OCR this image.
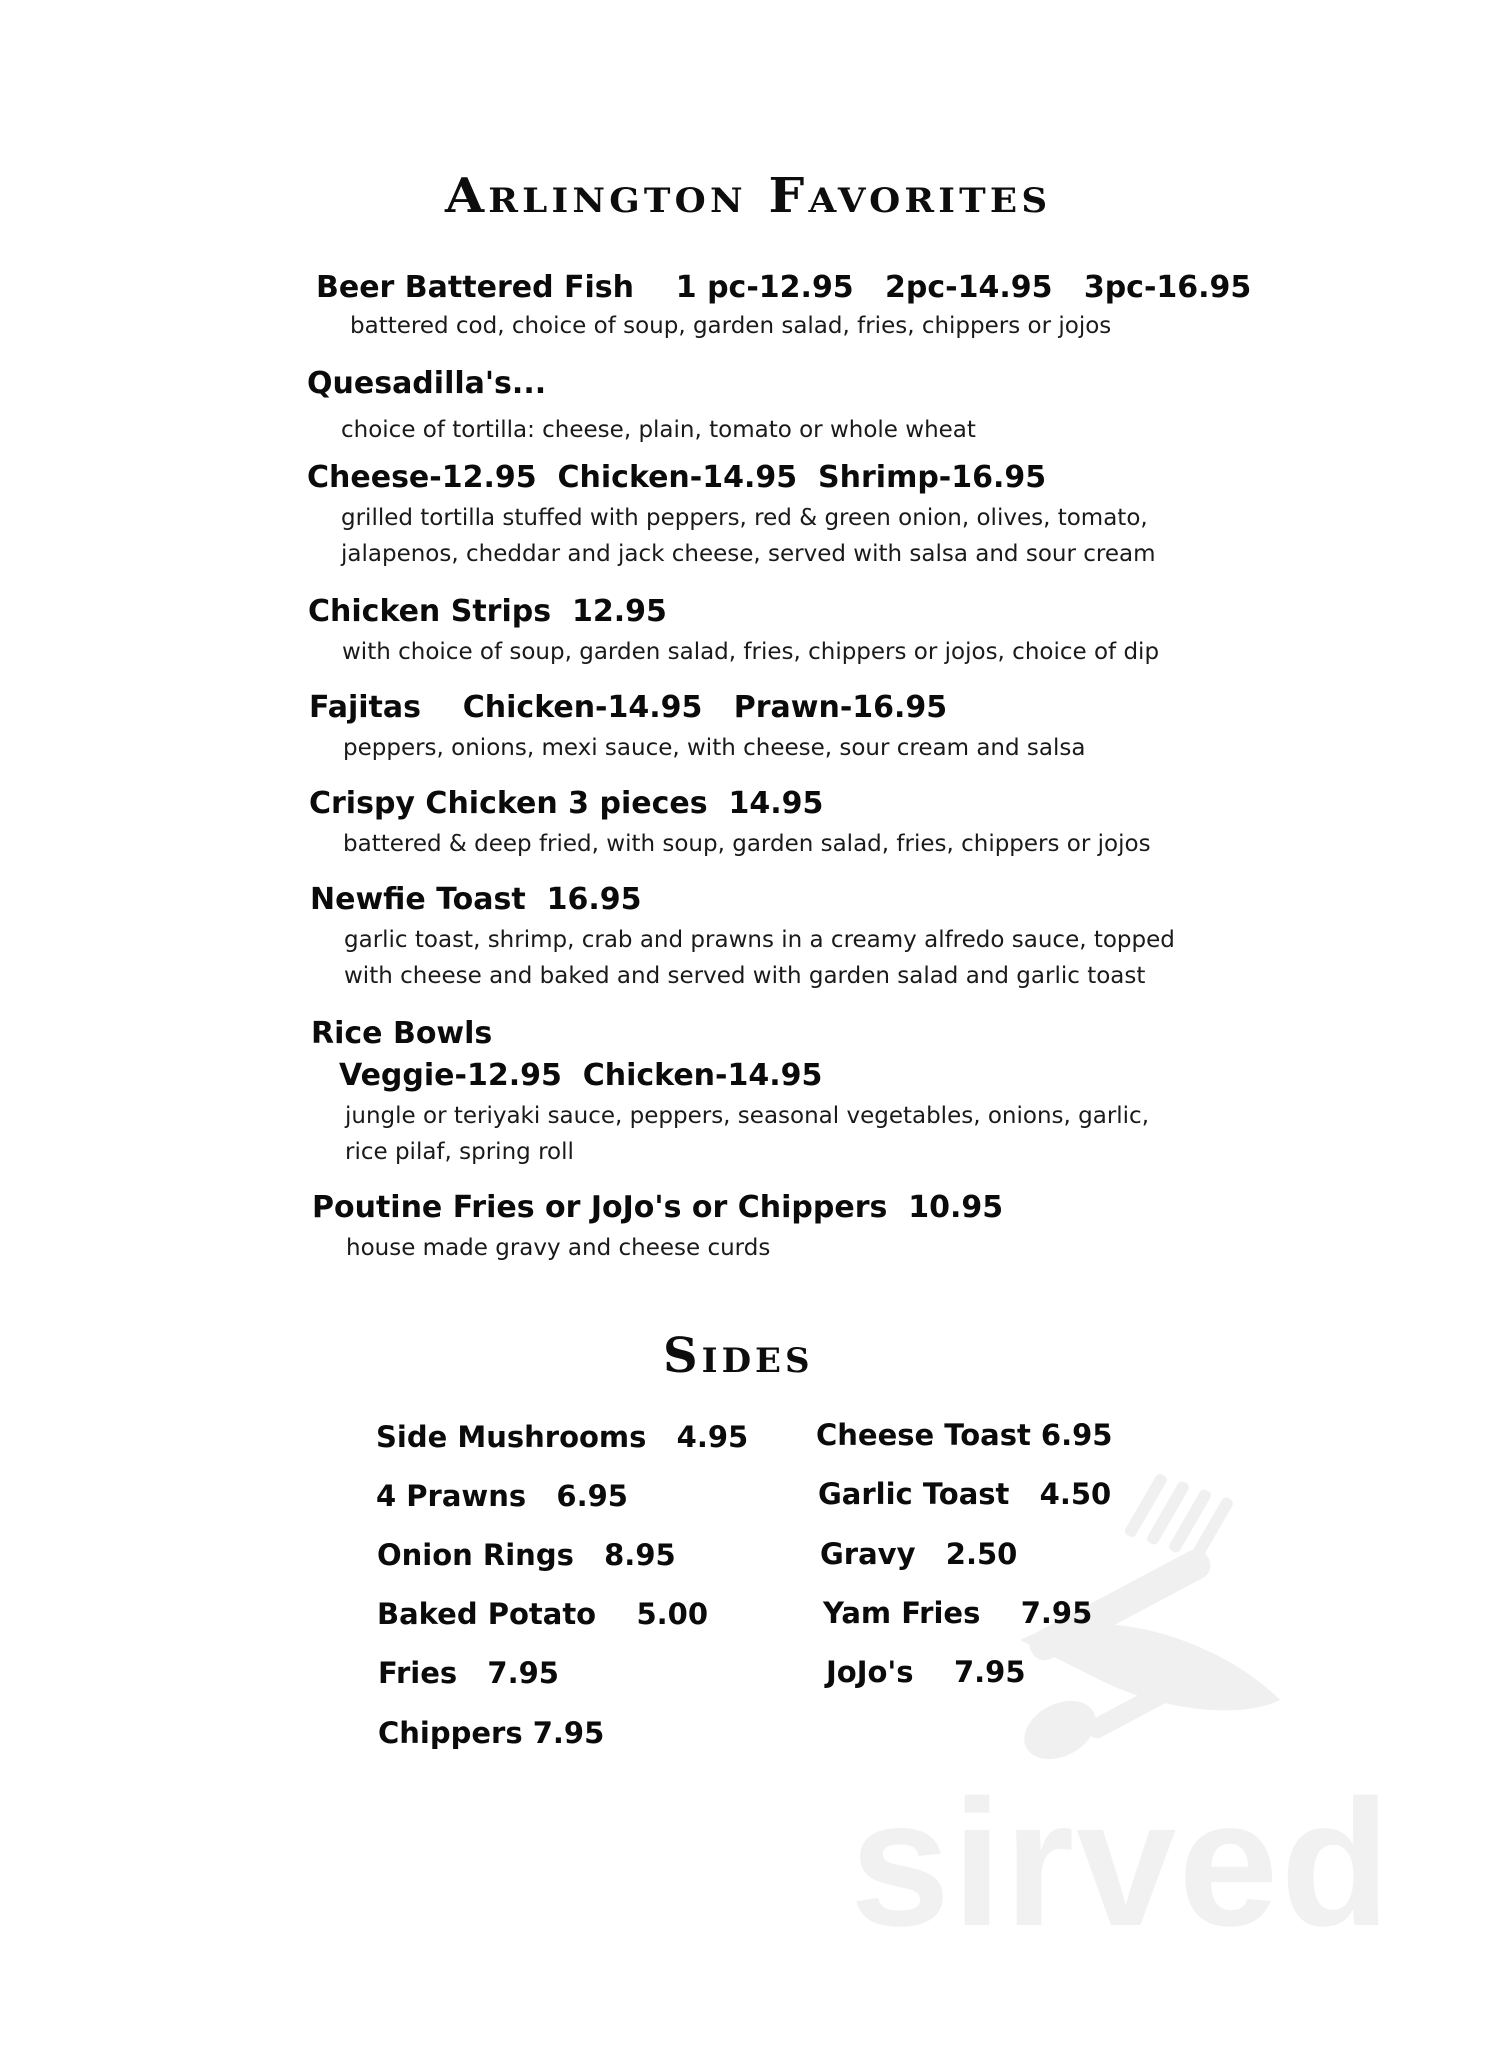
sirved
Arlington Favorites
Beer Battered Fish    1 pc-12.95   2pc-14.95   3pc-16.95
battered cod, choice of soup, garden salad, fries, chippers or jojos
Quesadilla's...
choice of tortilla: cheese, plain, tomato or whole wheat
Cheese-12.95  Chicken-14.95  Shrimp-16.95
grilled tortilla stuffed with peppers, red & green onion, olives, tomato,
jalapenos, cheddar and jack cheese, served with salsa and sour cream
Chicken Strips  12.95
with choice of soup, garden salad, fries, chippers or jojos, choice of dip
Fajitas    Chicken-14.95   Prawn-16.95
peppers, onions, mexi sauce, with cheese, sour cream and salsa
Crispy Chicken 3 pieces  14.95
battered & deep fried, with soup, garden salad, fries, chippers or jojos
Newfie Toast  16.95
garlic toast, shrimp, crab and prawns in a creamy alfredo sauce, topped
with cheese and baked and served with garden salad and garlic toast
Rice Bowls
Veggie-12.95  Chicken-14.95
jungle or teriyaki sauce, peppers, seasonal vegetables, onions, garlic,
rice pilaf, spring roll
Poutine Fries or JoJo's or Chippers  10.95
house made gravy and cheese curds
Sides
Side Mushrooms   4.95
4 Prawns   6.95
Onion Rings   8.95
Baked Potato    5.00
Fries   7.95
Chippers 7.95
Cheese Toast 6.95
Garlic Toast   4.50
Gravy   2.50
Yam Fries    7.95
JoJo's    7.95
